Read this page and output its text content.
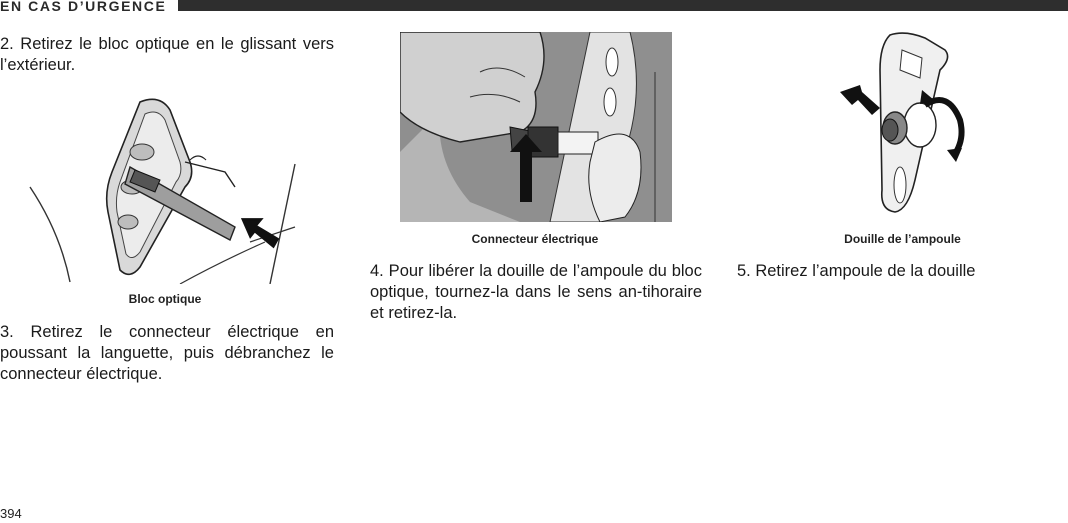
EN CAS D’URGENCE

2. Retirez le bloc optique en le glissant vers l’extérieur.

Bloc optique

3. Retirez le connecteur électrique en poussant la languette, puis débranchez le connecteur électrique.

Connecteur électrique

4. Pour libérer la douille de l’ampoule du bloc optique, tournez-la dans le sens an-tihoraire et retirez-la.

Douille de l’ampoule

5. Retirez l’ampoule de la douille

394
